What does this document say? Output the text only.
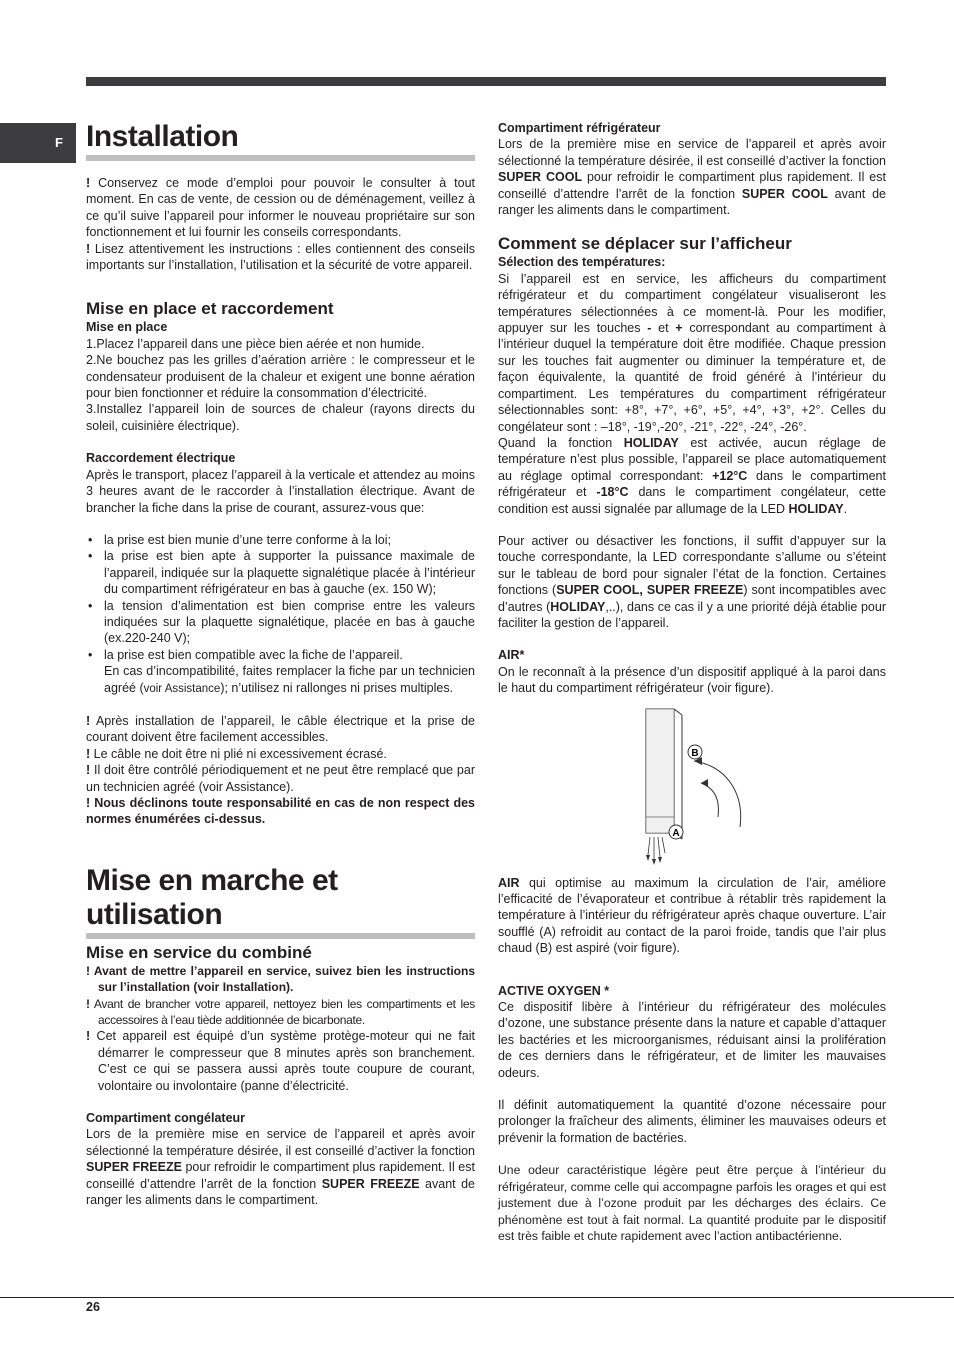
F Installation

! Conservez ce mode d’emploi pour pouvoir le consulter à tout moment. En cas de vente, de cession ou de déménagement, veillez à ce qu’il suive l’appareil pour informer le nouveau propriétaire sur son fonctionnement et lui fournir les conseils correspondants.

! Lisez attentivement les instructions : elles contiennent des conseils importants sur l’installation, l’utilisation et la sécurité de votre appareil.

Mise en place et raccordement
Mise en place

1.Placez l’appareil dans une pièce bien aérée et non humide.

2.Ne bouchez pas les grilles d’aération arrière : le compresseur et le condensateur produisent de la chaleur et exigent une bonne aération pour bien fonctionner et réduire la consommation d’électricité.

3.Installez l’appareil loin de sources de chaleur (rayons directs du soleil, cuisinière électrique).

Raccordement électrique

Après le transport, placez l’appareil à la verticale et attendez au moins 3 heures avant de le raccorder à l’installation électrique. Avant de brancher la fiche dans la prise de courant, assurez-vous que:

• la prise est bien munie d’une terre conforme à la loi;
• la prise est bien apte à supporter la puissance maximale de l’appareil, indiquée sur la plaquette signalétique placée à l’intérieur du compartiment réfrigérateur en bas à gauche (ex. 150 W);
• la tension d’alimentation est bien comprise entre les valeurs indiquées sur la plaquette signalétique, placée en bas à gauche (ex.220-240 V);
• la prise est bien compatible avec la fiche de l’appareil.
En cas d’incompatibilité, faites remplacer la fiche par un technicien agréé (voir Assistance); n’utilisez ni rallonges ni prises multiples.

! Après installation de l’appareil, le câble électrique et la prise de courant doivent être facilement accessibles.

! Le câble ne doit être ni plié ni excessivement écrasé.

! Il doit être contrôlé périodiquement et ne peut être remplacé que par un technicien agréé (voir Assistance).

! Nous déclinons toute responsabilité en cas de non respect des normes énumérées ci-dessus.

Mise en marche et utilisation
Mise en service du combiné

! Avant de mettre l’appareil en service, suivez bien les instructions sur l’installation (voir Installation).

! Avant de brancher votre appareil, nettoyez bien les compartiments et les accessoires à l’eau tiède additionnée de bicarbonate.

! Cet appareil est équipé d’un système protège-moteur qui ne fait démarrer le compresseur que 8 minutes après son branchement. C’est ce qui se passera aussi après toute coupure de courant, volontaire ou involontaire (panne d’électricité.

Compartiment congélateur

Lors de la première mise en service de l’appareil et après avoir sélectionné la température désirée, il est conseillé d’activer la fonction SUPER FREEZE pour refroidir le compartiment plus rapidement. Il est conseillé d’attendre l’arrêt de la fonction SUPER FREEZE avant de ranger les aliments dans le compartiment.

Compartiment réfrigérateur

Lors de la première mise en service de l’appareil et après avoir sélectionné la température désirée, il est conseillé d’activer la fonction SUPER COOL pour refroidir le compartiment plus rapidement. Il est conseillé d’attendre l’arrêt de la fonction SUPER COOL avant de ranger les aliments dans le compartiment.

Comment se déplacer sur l’afficheur
Sélection des températures:

Si l’appareil est en service, les afficheurs du compartiment réfrigérateur et du compartiment congélateur visualiseront les températures sélectionnées à ce moment-là. Pour les modifier, appuyer sur les touches - et + correspondant au compartiment à l’intérieur duquel la température doit être modifiée. Chaque pression sur les touches fait augmenter ou diminuer la température et, de façon équivalente, la quantité de froid généré à l’intérieur du compartiment. Les températures du compartiment réfrigérateur sélectionnables sont: +8°, +7°, +6°, +5°, +4°, +3°, +2°. Celles du congélateur sont : –18°, -19°,-20°, -21°, -22°, -24°, -26°.

Quand la fonction HOLIDAY est activée, aucun réglage de température n’est plus possible, l’appareil se place automatiquement au réglage optimal correspondant: +12°C dans le compartiment réfrigérateur et -18°C dans le compartiment congélateur, cette condition est aussi signalée par allumage de la LED HOLIDAY.

Pour activer ou désactiver les fonctions, il suffit d’appuyer sur la touche correspondante, la LED correspondante s’allume ou s’éteint sur le tableau de bord pour signaler l’état de la fonction. Certaines fonctions (SUPER COOL, SUPER FREEZE) sont incompatibles avec d’autres (HOLIDAY,..), dans ce cas il y a une priorité déjà établie pour faciliter la gestion de l’appareil.

AIR*

On le reconnaît à la présence d’un dispositif appliqué à la paroi dans le haut du compartiment réfrigérateur (voir figure).

B
A

AIR qui optimise au maximum la circulation de l’air, améliore l’efficacité de l’évaporateur et contribue à rétablir très rapidement la température à l’intérieur du réfrigérateur après chaque ouverture. L’air soufflé (A) refroidit au contact de la paroi froide, tandis que l’air plus chaud (B) est aspiré (voir figure).

ACTIVE OXYGEN *

Ce dispositif libère à l’intérieur du réfrigérateur des molécules d’ozone, une substance présente dans la nature et capable d’attaquer les bactéries et les microorganismes, réduisant ainsi la prolifération de ces derniers dans le réfrigérateur, et de limiter les mauvaises odeurs.

Il définit automatiquement la quantité d’ozone nécessaire pour prolonger la fraîcheur des aliments, éliminer les mauvaises odeurs et prévenir la formation de bactéries.

Une odeur caractéristique légère peut être perçue à l’intérieur du réfrigérateur, comme celle qui accompagne parfois les orages et qui est justement due à l’ozone produit par les décharges des éclairs. Ce phénomène est tout à fait normal. La quantité produite par le dispositif est très faible et chute rapidement avec l’action antibactérienne.

26
